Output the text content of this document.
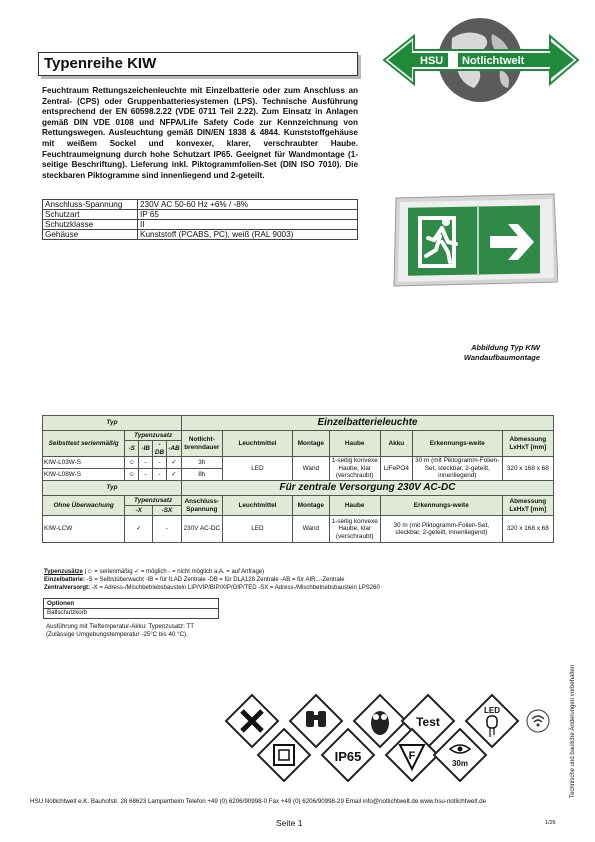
Typenreihe KIW	HSU Notlichtwelt
Feuchtraum Rettungszeichenleuchte mit Einzelbatterie oder zum Anschluss an Zentral- (CPS) oder Gruppenbatteriesystemen (LPS). Technische Ausführung entsprechend der EN 60598.2.22 (VDE 0711 Teil 2.22). Zum Einsatz in Anlagen gemäß DIN VDE 0108 und NFPA/Life Safety Code zur Kennzeichnung von Rettungswegen. Ausleuchtung gemäß DIN/EN 1838 & 4844. Kunststoffgehäuse mit weißem Sockel und konvexer, klarer, verschraubter Haube. Feuchtraumeignung durch hohe Schutzart IP65. Geeignet für Wandmontage (1-seitige Beschriftung). Lieferung inkl. Piktogrammfolien-Set (DIN ISO 7010). Die steckbaren Piktogramme sind innenliegend und 2-geteilt.
Anschluss-Spannung	230V AC 50-60 Hz +6% / -8%
Schutzart	IP 65
Schutzklasse	II
Gehäuse	Kunststoff (PCABS, PC), weiß (RAL 9003)
Abbildung Typ KIW
Wandaufbaumontage
Typ					Einzelbatterieleuchte						
Selbsttest serienmäßig	Typenzusatz				Notlicht-brenndauer	Leuchtmittel	Montage	Haube	Akku	Erkennungs-weite	Abmessung LxHxT [mm]
	-S	-IB	-DB	-AB							
KIW-L03W-S	☺	-	-	✓	3h	LED	Wand	1-seitig konvexe Haube, klar (verschraubt)	LiFePO4	30 m (mit Piktogramm-Folien-Set, steckbar, 2-geteilt, innenliegend)	320 x 168 x 68
KIW-L08W-S	☺	-	-	✓	8h						
Typ					Für zentrale Versorgung 230V AC-DC						
Ohne Überwachung	Typenzusatz				Anschluss-Spannung	Leuchtmittel	Montage	Haube	Erkennungs-weite		Abmessung LxHxT [mm]
	-X		-SX								
KIW-LCW	✓		-		230V AC-DC	LED	Wand	1-seitig konvexe Haube, klar (verschraubt)	30 m (mit Piktogramm-Folien-Set, steckbar, 2-geteilt, innenliegend)		320 x 168 x 68
Typenzusätze (☺ = serienmäßig ✓ = möglich - = nicht möglich a.A. = auf Anfrage)
Einzelbatterie: -S = Selbstüberwacht -IB = für ILAD Zentrale -DB = für DLA128 Zentrale -AB = für AIR...-Zentrale
Zentralversorgt: -X = Adress-/Mischbetriebsbaustein LIP/VIP/BIP/XIP/GIP/TED -SX = Adress-/Mischbetriebsbaustein LPS260
Optionen
Ballschutzkorb
Ausführung mit Tieftemperatur-Akku: Typenzusatz: TT
(Zulässige Umgebungstemperatur -25°C bis 40 °C).
Technische und bauliche Änderungen vorbehalten
Test
LED
IP65	F
30m
HSU Notlichtwelt e.K. Bauhofstr. 28 68623 Lampertheim Telefon +49 (0) 6206/90998-0 Fax +49 (0) 6206/90998-29 Email info@notlichtwelt.de www.hsu-notlichtwelt.de
Seite 1	1/26
